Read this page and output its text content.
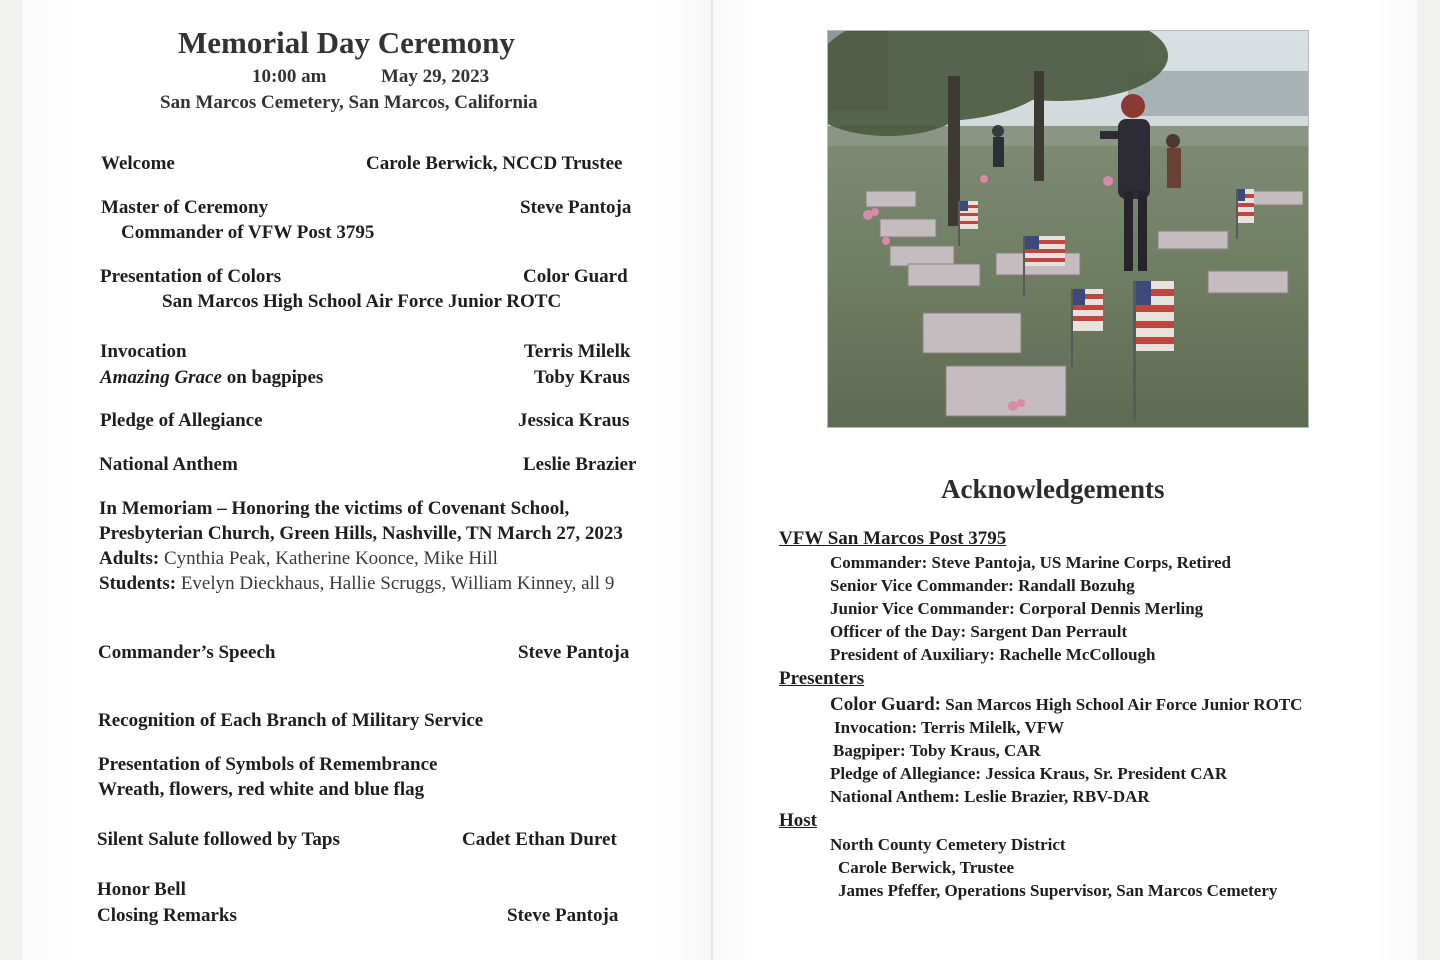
Memorial Day Ceremony
10:00 am	May 29, 2023
San Marcos Cemetery, San Marcos, California
Welcome	Carole Berwick, NCCD Trustee
Master of Ceremony	Steve Pantoja
Commander of VFW Post 3795
Presentation of Colors	Color Guard
San Marcos High School Air Force Junior ROTC
Invocation	Terris Milelk
Amazing Grace on bagpipes	Toby Kraus
Pledge of Allegiance	Jessica Kraus
National Anthem	Leslie Brazier
In Memoriam – Honoring the victims of Covenant School,
Presbyterian Church, Green Hills, Nashville, TN March 27, 2023
Adults: Cynthia Peak, Katherine Koonce, Mike Hill
Students: Evelyn Dieckhaus, Hallie Scruggs, William Kinney, all 9
Commander’s Speech	Steve Pantoja
Recognition of Each Branch of Military Service
Presentation of Symbols of Remembrance
Wreath, flowers, red white and blue flag
Silent Salute followed by Taps	Cadet Ethan Duret
Honor Bell
Closing Remarks	Steve Pantoja
Acknowledgements
VFW San Marcos Post 3795
Commander: Steve Pantoja, US Marine Corps, Retired
Senior Vice Commander: Randall Bozuhg
Junior Vice Commander: Corporal Dennis Merling
Officer of the Day: Sargent Dan Perrault
President of Auxiliary: Rachelle McCollough
Presenters
Color Guard: San Marcos High School Air Force Junior ROTC
Invocation: Terris Milelk, VFW
Bagpiper: Toby Kraus, CAR
Pledge of Allegiance: Jessica Kraus, Sr. President CAR
National Anthem: Leslie Brazier, RBV-DAR
Host
North County Cemetery District
Carole Berwick, Trustee
James Pfeffer, Operations Supervisor, San Marcos Cemetery
